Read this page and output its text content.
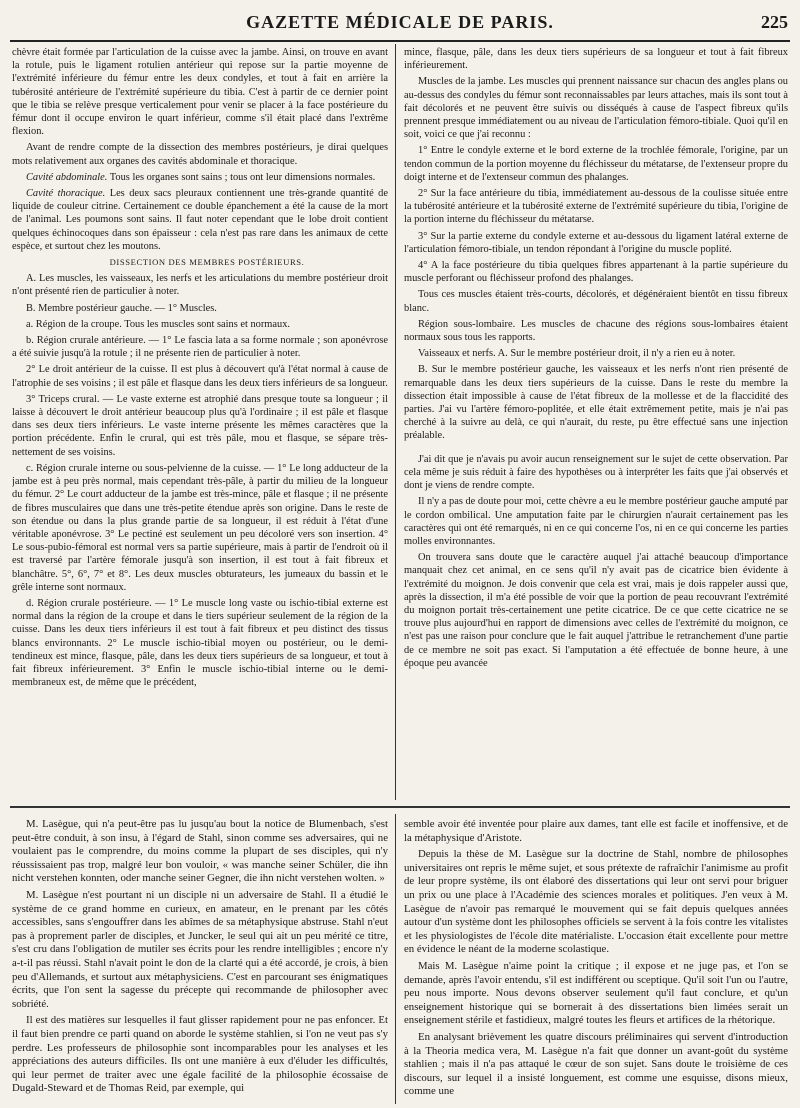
GAZETTE MÉDICALE DE PARIS.	225

chèvre était formée par l'articulation de la cuisse avec la jambe. Ainsi, on trouve en avant la rotule, puis le ligament rotulien antérieur qui repose sur la partie moyenne de l'extrémité inférieure du fémur entre les deux condyles, et tout à fait en arrière la tubérosité antérieure de l'extrémité supérieure du tibia. C'est à partir de ce dernier point que le tibia se relève presque verticalement pour venir se placer à la face postérieure du fémur dont il occupe environ le quart inférieur, comme s'il était placé dans l'extrême flexion.

Avant de rendre compte de la dissection des membres postérieurs, je dirai quelques mots relativement aux organes des cavités abdominale et thoracique.

Cavité abdominale. Tous les organes sont sains ; tous ont leur dimensions normales.

Cavité thoracique. Les deux sacs pleuraux contiennent une très-grande quantité de liquide de couleur citrine. Certainement ce double épanchement a été la cause de la mort de l'animal. Les poumons sont sains. Il faut noter cependant que le lobe droit contient quelques échinocoques dans son épaisseur : cela n'est pas rare dans les animaux de cette espèce, et surtout chez les moutons.

DISSECTION DES MEMBRES POSTÉRIEURS.

A. Les muscles, les vaisseaux, les nerfs et les articulations du membre postérieur droit n'ont présenté rien de particulier à noter.

B. Membre postérieur gauche. — 1° Muscles.

a. Région de la croupe. Tous les muscles sont sains et normaux.

b. Région crurale antérieure. — 1° Le fascia lata a sa forme normale ; son aponévrose a été suivie jusqu'à la rotule ; il ne présente rien de particulier à noter.

2° Le droit antérieur de la cuisse. Il est plus à découvert qu'à l'état normal à cause de l'atrophie de ses voisins ; il est pâle et flasque dans les deux tiers inférieurs de sa longueur.

3° Triceps crural. — Le vaste externe est atrophié dans presque toute sa longueur ; il laisse à découvert le droit antérieur beaucoup plus qu'à l'ordinaire ; il est pâle et flasque dans ses deux tiers inférieurs. Le vaste interne présente les mêmes caractères que la portion précédente. Enfin le crural, qui est très pâle, mou et flasque, se sépare très-nettement de ses voisins.

c. Région crurale interne ou sous-pelvienne de la cuisse. — 1° Le long adducteur de la jambe est à peu près normal, mais cependant très-pâle, à partir du milieu de la longueur du fémur. 2° Le court adducteur de la jambe est très-mince, pâle et flasque ; il ne présente de fibres musculaires que dans une très-petite étendue après son origine. Dans le reste de son étendue ou dans la plus grande partie de sa longueur, il est réduit à l'état d'une véritable aponévrose. 3° Le pectiné est seulement un peu décoloré vers son insertion. 4° Le sous-pubio-fémoral est normal vers sa partie supérieure, mais à partir de l'endroit où il est traversé par l'artère fémorale jusqu'à son insertion, il est tout à fait fibreux et blanchâtre. 5°, 6°, 7° et 8°. Les deux muscles obturateurs, les jumeaux du bassin et le grêle interne sont normaux.

d. Région crurale postérieure. — 1° Le muscle long vaste ou ischio-tibial externe est normal dans la région de la croupe et dans le tiers supérieur seulement de la région de la cuisse. Dans les deux tiers inférieurs il est tout à fait fibreux et peu distinct des tissus blancs environnants. 2° Le muscle ischio-tibial moyen ou postérieur, ou le demi-tendineux est mince, flasque, pâle, dans les deux tiers supérieurs de sa longueur, et tout à fait fibreux inférieurement. 3° Enfin le muscle ischio-tibial interne ou le demi-membraneux est, de même que le précédent,

mince, flasque, pâle, dans les deux tiers supérieurs de sa longueur et tout à fait fibreux inférieurement.

Muscles de la jambe. Les muscles qui prennent naissance sur chacun des angles plans ou au-dessus des condyles du fémur sont reconnaissables par leurs attaches, mais ils sont tout à fait décolorés et ne peuvent être suivis ou disséqués à cause de l'aspect fibreux qu'ils prennent presque immédiatement ou au niveau de l'articulation fémoro-tibiale. Quoi qu'il en soit, voici ce que j'ai reconnu :

1° Entre le condyle externe et le bord externe de la trochlée fémorale, l'origine, par un tendon commun de la portion moyenne du fléchisseur du métatarse, de l'extenseur propre du doigt interne et de l'extenseur commun des phalanges.

2° Sur la face antérieure du tibia, immédiatement au-dessous de la coulisse située entre la tubérosité antérieure et la tubérosité externe de l'extrémité supérieure du tibia, l'origine de la portion interne du fléchisseur du métatarse.

3° Sur la partie externe du condyle externe et au-dessous du ligament latéral externe de l'articulation fémoro-tibiale, un tendon répondant à l'origine du muscle poplité.

4° A la face postérieure du tibia quelques fibres appartenant à la partie supérieure du muscle perforant ou fléchisseur profond des phalanges.

Tous ces muscles étaient très-courts, décolorés, et dégénéraient bientôt en tissu fibreux blanc.

Région sous-lombaire. Les muscles de chacune des régions sous-lombaires étaient normaux sous tous les rapports.

Vaisseaux et nerfs. A. Sur le membre postérieur droit, il n'y a rien eu à noter.

B. Sur le membre postérieur gauche, les vaisseaux et les nerfs n'ont rien présenté de remarquable dans les deux tiers supérieurs de la cuisse. Dans le reste du membre la dissection était impossible à cause de l'état fibreux de la mollesse et de la flaccidité des parties. J'ai vu l'artère fémoro-poplitée, et elle était extrêmement petite, mais je n'ai pas cherché à la suivre au delà, ce qui n'aurait, du reste, pu être effectué sans une injection préalable.

J'ai dit que je n'avais pu avoir aucun renseignement sur le sujet de cette observation. Par cela même je suis réduit à faire des hypothèses ou à interpréter les faits que j'ai observés et dont je viens de rendre compte.

Il n'y a pas de doute pour moi, cette chèvre a eu le membre postérieur gauche amputé par le cordon ombilical. Une amputation faite par le chirurgien n'aurait certainement pas les caractères qui ont été remarqués, ni en ce qui concerne l'os, ni en ce qui concerne les parties molles environnantes.

On trouvera sans doute que le caractère auquel j'ai attaché beaucoup d'importance manquait chez cet animal, en ce sens qu'il n'y avait pas de cicatrice bien évidente à l'extrémité du moignon. Je dois convenir que cela est vrai, mais je dois rappeler aussi que, après la dissection, il m'a été possible de voir que la portion de peau recouvrant l'extrémité du moignon portait très-certainement une petite cicatrice. De ce que cette cicatrice ne se trouve plus aujourd'hui en rapport de dimensions avec celles de l'extrémité du moignon, ce n'est pas une raison pour conclure que le fait auquel j'attribue le retranchement d'une partie de ce membre ne soit pas exact. Si l'amputation a été effectuée de bonne heure, à une époque peu avancée

M. Lasègue, qui n'a peut-être pas lu jusqu'au bout la notice de Blumenbach, s'est peut-être conduit, à son insu, à l'égard de Stahl, sinon comme ses adversaires, qui ne voulaient pas le comprendre, du moins comme la plupart de ses disciples, qui n'y réussissaient pas trop, malgré leur bon vouloir, « was manche seiner Schüler, die ihn nicht verstehen konnten, oder manche seiner Gegner, die ihn nicht verstehen wolten. »

M. Lasègue n'est pourtant ni un disciple ni un adversaire de Stahl. Il a étudié le système de ce grand homme en curieux, en amateur, en le prenant par les côtés accessibles, sans s'engouffrer dans les abîmes de sa métaphysique abstruse. Stahl n'eut pas à proprement parler de disciples, et Juncker, le seul qui ait un peu mérité ce titre, s'est cru dans l'obligation de mutiler ses écrits pour les rendre intelligibles ; encore n'y a-t-il pas réussi. Stahl n'avait point le don de la clarté qui a été accordé, je crois, à bien peu d'Allemands, et surtout aux métaphysiciens. C'est en parcourant ses énigmatiques écrits, que l'on sent la sagesse du précepte qui recommande de philosopher avec sobriété.

Il est des matières sur lesquelles il faut glisser rapidement pour ne pas enfoncer. Et il faut bien prendre ce parti quand on aborde le système stahlien, si l'on ne veut pas s'y perdre. Les professeurs de philosophie sont incomparables pour les analyses et les appréciations des auteurs difficiles. Ils ont une manière à eux d'éluder les difficultés, qui leur permet de traiter avec une égale facilité de la philosophie écossaise de Dugald-Steward et de Thomas Reid, par exemple, qui

semble avoir été inventée pour plaire aux dames, tant elle est facile et inoffensive, et de la métaphysique d'Aristote.

Depuis la thèse de M. Lasègue sur la doctrine de Stahl, nombre de philosophes universitaires ont repris le même sujet, et sous prétexte de rafraîchir l'animisme au profit de leur propre système, ils ont élaboré des dissertations qui leur ont servi pour briguer un prix ou une place à l'Académie des sciences morales et politiques. J'en veux à M. Lasègue de n'avoir pas remarqué le mouvement qui se fait depuis quelques années autour d'un système dont les philosophes officiels se servent à la fois contre les vitalistes et les physiologistes de l'école dite matérialiste. L'occasion était excellente pour mettre en évidence le néant de la moderne scolastique.

Mais M. Lasègue n'aime point la critique ; il expose et ne juge pas, et l'on se demande, après l'avoir entendu, s'il est indifférent ou sceptique. Qu'il soit l'un ou l'autre, peu nous importe. Nous devons observer seulement qu'il faut conclure, et qu'un enseignement historique qui se bornerait à des dissertations bien limées serait un enseignement stérile et fastidieux, malgré toutes les fleurs et artifices de la rhétorique.

En analysant brièvement les quatre discours préliminaires qui servent d'introduction à la Theoria medica vera, M. Lasègue n'a fait que donner un avant-goût du système stahlien ; mais il n'a pas attaqué le cœur de son sujet. Sans doute le troisième de ces discours, sur lequel il a insisté longuement, est comme une esquisse, disons mieux, comme une
